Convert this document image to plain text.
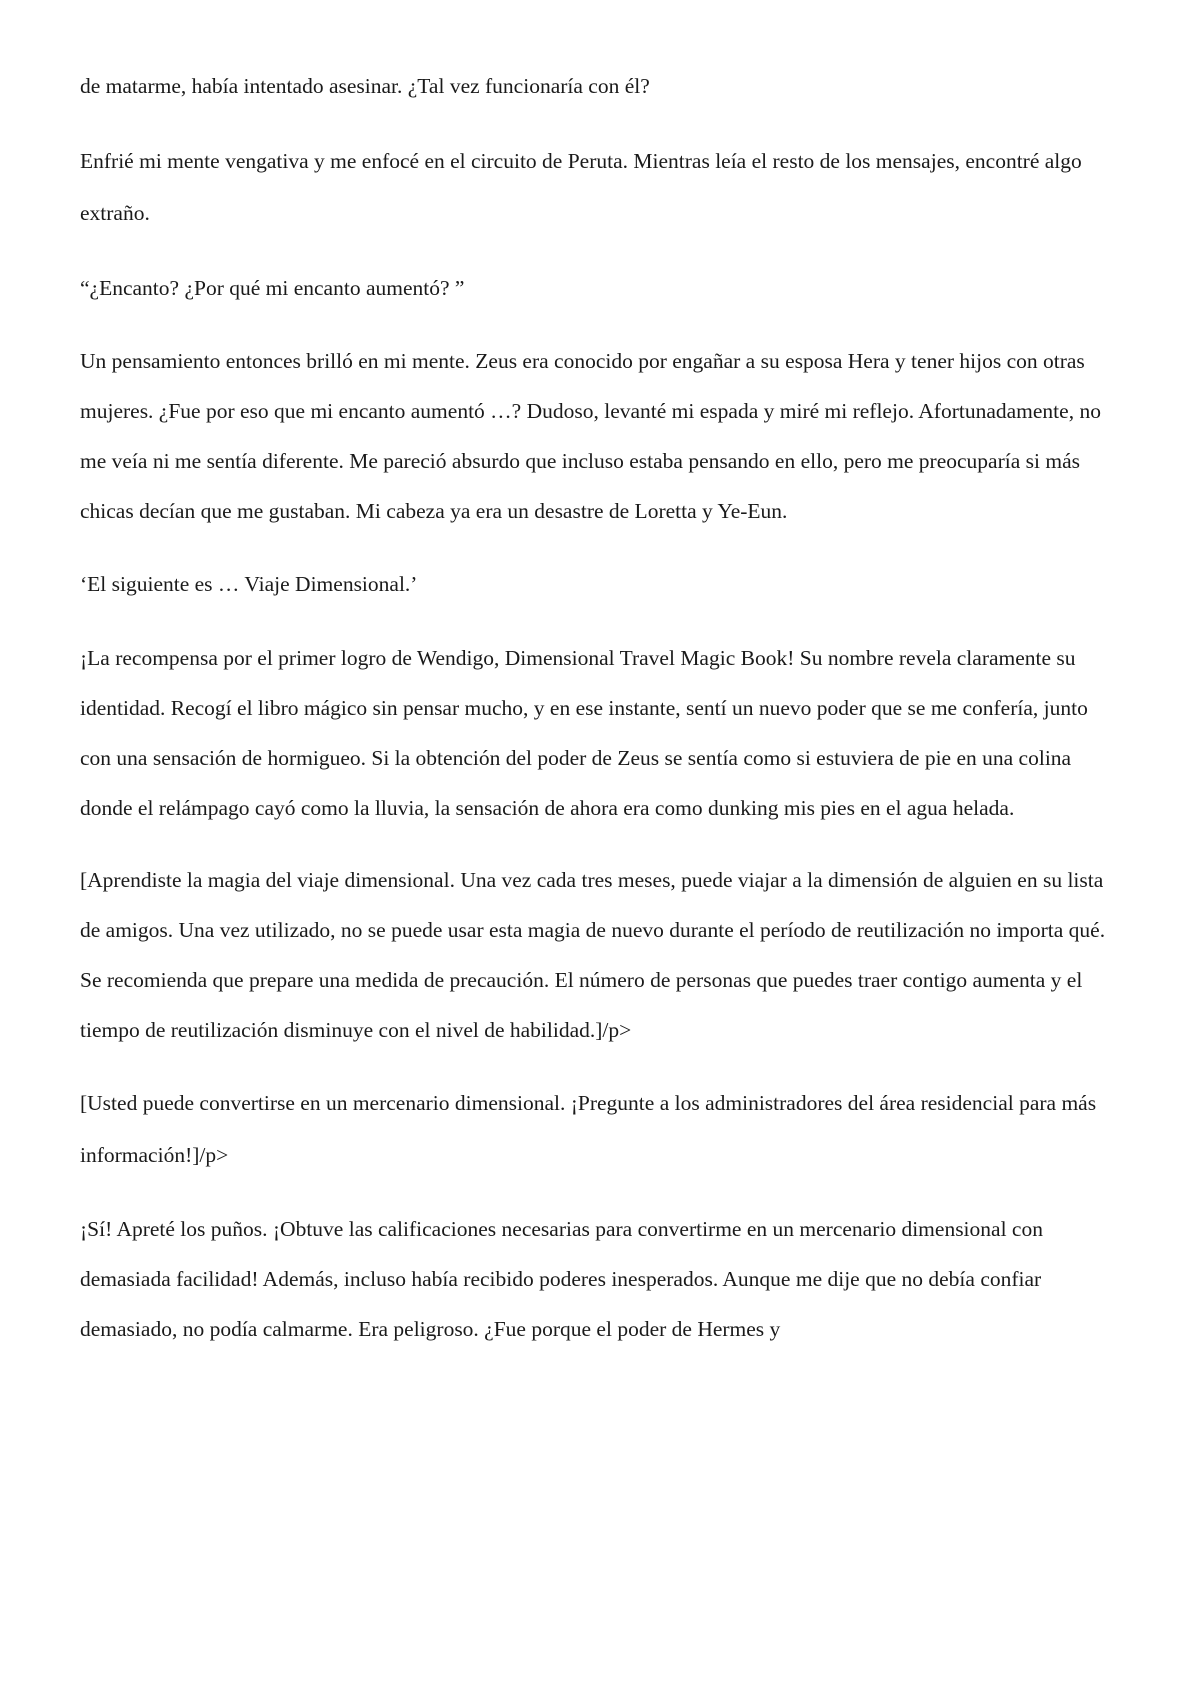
de matarme, había intentado asesinar. ¿Tal vez funcionaría con él?

Enfrié mi mente vengativa y me enfocé en el circuito de Peruta. Mientras leía el resto de los mensajes, encontré algo extraño.

“¿Encanto? ¿Por qué mi encanto aumentó? ”

Un pensamiento entonces brilló en mi mente. Zeus era conocido por engañar a su esposa Hera y tener hijos con otras mujeres. ¿Fue por eso que mi encanto aumentó …? Dudoso, levanté mi espada y miré mi reflejo. Afortunadamente, no me veía ni me sentía diferente. Me pareció absurdo que incluso estaba pensando en ello, pero me preocuparía si más chicas decían que me gustaban. Mi cabeza ya era un desastre de Loretta y Ye-Eun.

‘El siguiente es … Viaje Dimensional.’

¡La recompensa por el primer logro de Wendigo, Dimensional Travel Magic Book! Su nombre revela claramente su identidad. Recogí el libro mágico sin pensar mucho, y en ese instante, sentí un nuevo poder que se me confería, junto con una sensación de hormigueo. Si la obtención del poder de Zeus se sentía como si estuviera de pie en una colina donde el relámpago cayó como la lluvia, la sensación de ahora era como dunking mis pies en el agua helada.

[Aprendiste la magia del viaje dimensional. Una vez cada tres meses, puede viajar a la dimensión de alguien en su lista de amigos. Una vez utilizado, no se puede usar esta magia de nuevo durante el período de reutilización no importa qué. Se recomienda que prepare una medida de precaución. El número de personas que puedes traer contigo aumenta y el tiempo de reutilización disminuye con el nivel de habilidad.]/p>

[Usted puede convertirse en un mercenario dimensional. ¡Pregunte a los administradores del área residencial para más información!]/p>

¡Sí! Apreté los puños. ¡Obtuve las calificaciones necesarias para convertirme en un mercenario dimensional con demasiada facilidad! Además, incluso había recibido poderes inesperados. Aunque me dije que no debía confiar demasiado, no podía calmarme. Era peligroso. ¿Fue porque el poder de Hermes y
